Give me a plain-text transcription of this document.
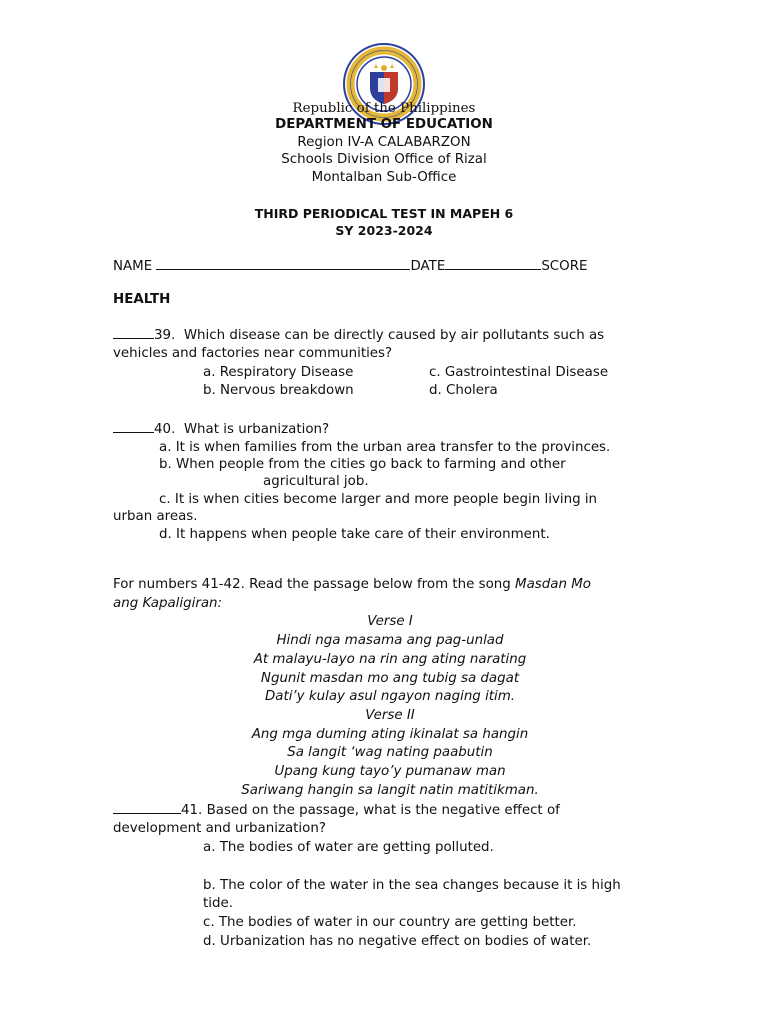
Republic of the Philippines
DEPARTMENT OF EDUCATION
Region IV-A CALABARZON
Schools Division Office of Rizal
Montalban Sub-Office
THIRD PERIODICAL TEST IN MAPEH 6
SY 2023-2024
NAME	DATE	SCORE
HEALTH
39. Which disease can be directly caused by air pollutants such as
vehicles and factories near communities?
a. Respiratory Disease	c. Gastrointestinal Disease
b. Nervous breakdown	d. Cholera
40. What is urbanization?
a. It is when families from the urban area transfer to the provinces.
b. When people from the cities go back to farming and other
agricultural job.
c. It is when cities become larger and more people begin living in
urban areas.
d. It happens when people take care of their environment.
For numbers 41-42. Read the passage below from the song Masdan Mo
ang Kapaligiran:
Verse I
Hindi nga masama ang pag-unlad
At malayu-layo na rin ang ating narating
Ngunit masdan mo ang tubig sa dagat
Dati’y kulay asul ngayon naging itim.
Verse II
Ang mga duming ating ikinalat sa hangin
Sa langit ‘wag nating paabutin
Upang kung tayo’y pumanaw man
Sariwang hangin sa langit natin matitikman.
41. Based on the passage, what is the negative effect of
development and urbanization?
a. The bodies of water are getting polluted.
b. The color of the water in the sea changes because it is high
tide.
c. The bodies of water in our country are getting better.
d. Urbanization has no negative effect on bodies of water.
